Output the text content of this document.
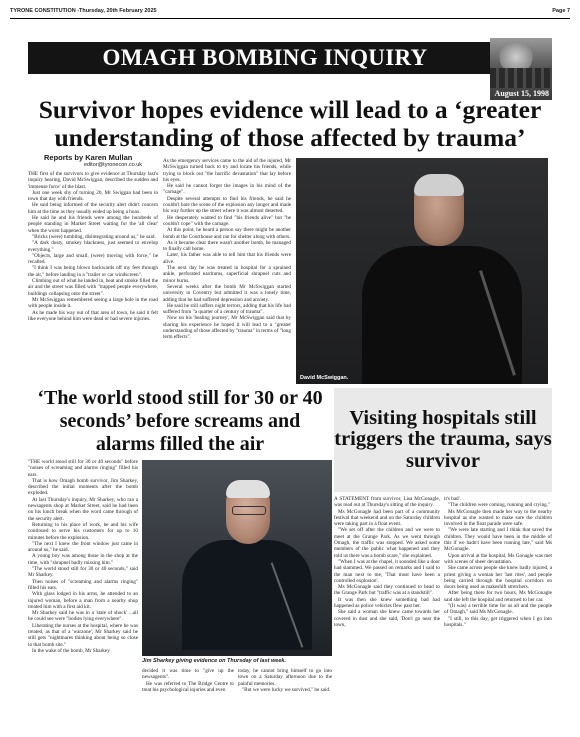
TYRONE CONSTITUTION -Thursday, 20th February 2025	Page 7
OMAGH BOMBING INQUIRY
August 15, 1998
Survivor hopes evidence will lead to a ‘greater understanding of those affected by trauma’
Reports by Karen Mullan
editor@tyronecon.co.uk

THE first of the survivors to give evidence at Thursday last's inquiry hearing, David McSwiggan, described the sudden and 'immense force' of the blast.

Just one week shy of turning 20, Mr Swiggan had been in town that day with friends.

He said being informed of the security alert didn't concern him at the time as they usually ended up being a hoax.

He said he and his friends were among the hundreds of people standing in Market Street waiting for the 'all clear' when the worst happened.

"Bricks (were) tumbling, disintegrating around us," he said.

"A dark dusty, smokey blackness, just seemed to envelop everything."

"Objects, large and small, (were) moving with force," he recalled.

"I think I was being blown backwards off my feet through the air," before landing in a "trailer or car windscreen".

Climbing out of what he landed in, heat and smoke filled the air and the street was filled with "trapped people everywhere, buildings collapsing onto the street".

Mr McSwiggan remembered seeing a large hole in the road with people inside it.

As he made his way out of that area of town, he said it felt like everyone behind him were dead or had severe injuries.

As the emergency services came to the aid of the injured, Mr McSwiggan turned back to try and locate his friends, while trying to block out "the horrific devastation" that lay before his eyes.

He said he cannot forget the images in his mind of the "carnage".

Despite several attempts to find his friends, he said he couldn't bare the scene of the explosion any longer and made his way further up the street where it was almost deserted.

He desperately wanted to find "his friends alive" but "he couldn't cope" with the carnage.

At this point, he heard a person say there might be another bomb at the Courthouse and ran for shelter along with others.

As it became clear there wasn't another bomb, he managed to finally call home.

Later, his father was able to tell him that his friends were alive.

The next day he was treated in hospital for a sprained ankle, perforated eardrums, superficial shrapnel cuts and minor burns.

Several weeks after the bomb Mr McSwiggan started university in Coventry but admitted it was a lonely time, adding that he had suffered depression and anxiety.

He said he still suffers night terrors, adding that his life had suffered from "a quarter of a century of trauma".

Now on his 'healing journey', Mr McSwiggan said that by sharing his experience he hoped it will lead to a "greater understanding of those affected by "trauma" in terms of "long term effects".

David McSwiggan.
‘The world stood still for 30 or 40 seconds’ before screams and alarms filled the air

"THE world stood still for 30 or 40 seconds" before "noises of screaming and alarms ringing" filled his ears.

That is how Omagh bomb survivor, Jim Sharkey, described the initial moments after the bomb exploded.

At last Thursday's inquiry, Mr Sharkey, who ran a newsagents shop at Market Street, said he had been on his lunch break when the word came through of the security alert.

Returning to his place of work, he and his wife continued to serve his customers for up to 10 minutes before the explosion.

"The next I knew the front window just came in around us," he said.

A young boy was among those in the shop at the time, with "shrapnel badly missing him."

"The world stood still for 30 or 40 seconds," said Mr Sharkey.

Then noises of "screaming and alarms ringing" filled his ears.

With glass lodged in his arms, he attended to an injured woman, before a man from a nearby shop treated him with a first aid kit.

Mr Sharkey said he was in a 'state of shock' ...all he could see were "bodies lying everywhere".

Liberating the nurses at the hospital, where he was treated, as that of a 'warzone', Mr Sharkey said he still gets "nightmares thinking about being so close to that bomb site."

In the wake of the bomb, Mr Sharkey

Jim Sharkey giving evidence on Thursday of last week.

decided it was time to "give up the newsagents".

He was referred to The Bridge Centre to treat his psychological injuries and even

today, he cannot bring himself to go into town on a Saturday afternoon due to the painful memories.

"But we were lucky we survived," he said.

Visiting hospitals still triggers the trauma, says survivor

A STATEMENT from survivor, Lisa McGonagle, was read out at Thursday's sitting of the inquiry.

Ms McGonagle had been part of a community festival that weekend and on the Saturday children were taking part in a float event.

"We set off after the children and we were to meet at the Grange Park. As we went through Omagh, the traffic was stopped. We asked some members of the public what happened and they told us there was a bomb scare," she explained.

"When I was at the chapel, it sounded like a door had slammed. We passed on remarks and I said to the man next to me, 'That must have been a controlled explosion'.

Ms McGonagle said they continued to head to the Grange Park but "traffic was at a standstill".

It was then she knew something bad had happened as police vehicles flew past her.

She said a woman she knew came towards her covered in dust and she said, 'Don't go near the town,

it's bad'.

"The children were coming, running and crying."

Ms McGonagle then made her way to the nearby hospital as she wanted to make sure the children involved in the float parade were safe.

"We were late starting and I think that saved the children. They would have been in the middle of this if we hadn't have been running late," said Ms McGonagle.

Upon arrival at the hospital, Ms Gonagle was met with scenes of sheer devastation.

She came across people she knew badly injured, a priest giving a woman her 'last rites', and people being carried through the hospital corridors on doors being used as makeshift stretchers.

After being there for two hours, Ms McGonagle said she left the hospital and returned to her car.

"(It was) a terrible time for us all and the people of Omagh," said Ms McGonagle.

"I still, to this day, get triggered when I go into hospitals."
